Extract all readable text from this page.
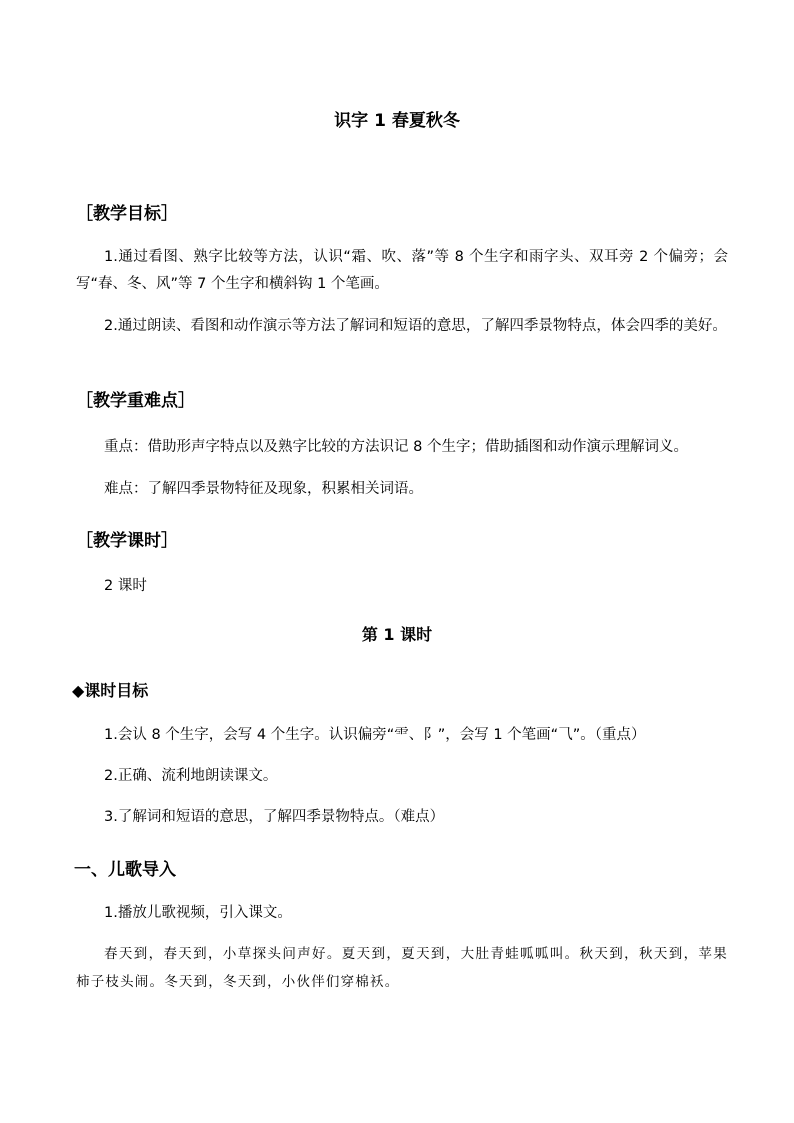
识字 1 春夏秋冬
［教学目标］
1.通过看图、熟字比较等方法，认识“霜、吹、落”等 8 个生字和雨字头、双耳旁 2 个偏旁；会写“春、冬、风”等 7 个生字和横斜钩 1 个笔画。
2.通过朗读、看图和动作演示等方法了解词和短语的意思，了解四季景物特点，体会四季的美好。
［教学重难点］
重点：借助形声字特点以及熟字比较的方法识记 8 个生字；借助插图和动作演示理解词义。
难点：了解四季景物特征及现象，积累相关词语。
［教学课时］
2 课时
第 1 课时
◆课时目标
1.会认 8 个生字，会写 4 个生字。认识偏旁“⻗、阝”，会写 1 个笔画“⺄”。（重点）
2.正确、流利地朗读课文。
3.了解词和短语的意思，了解四季景物特点。（难点）
一、儿歌导入
1.播放儿歌视频，引入课文。
春天到，春天到，小草探头问声好。夏天到，夏天到，大肚青蛙呱呱叫。秋天到，秋天到，苹果柿子枝头闹。冬天到，冬天到，小伙伴们穿棉袄。
